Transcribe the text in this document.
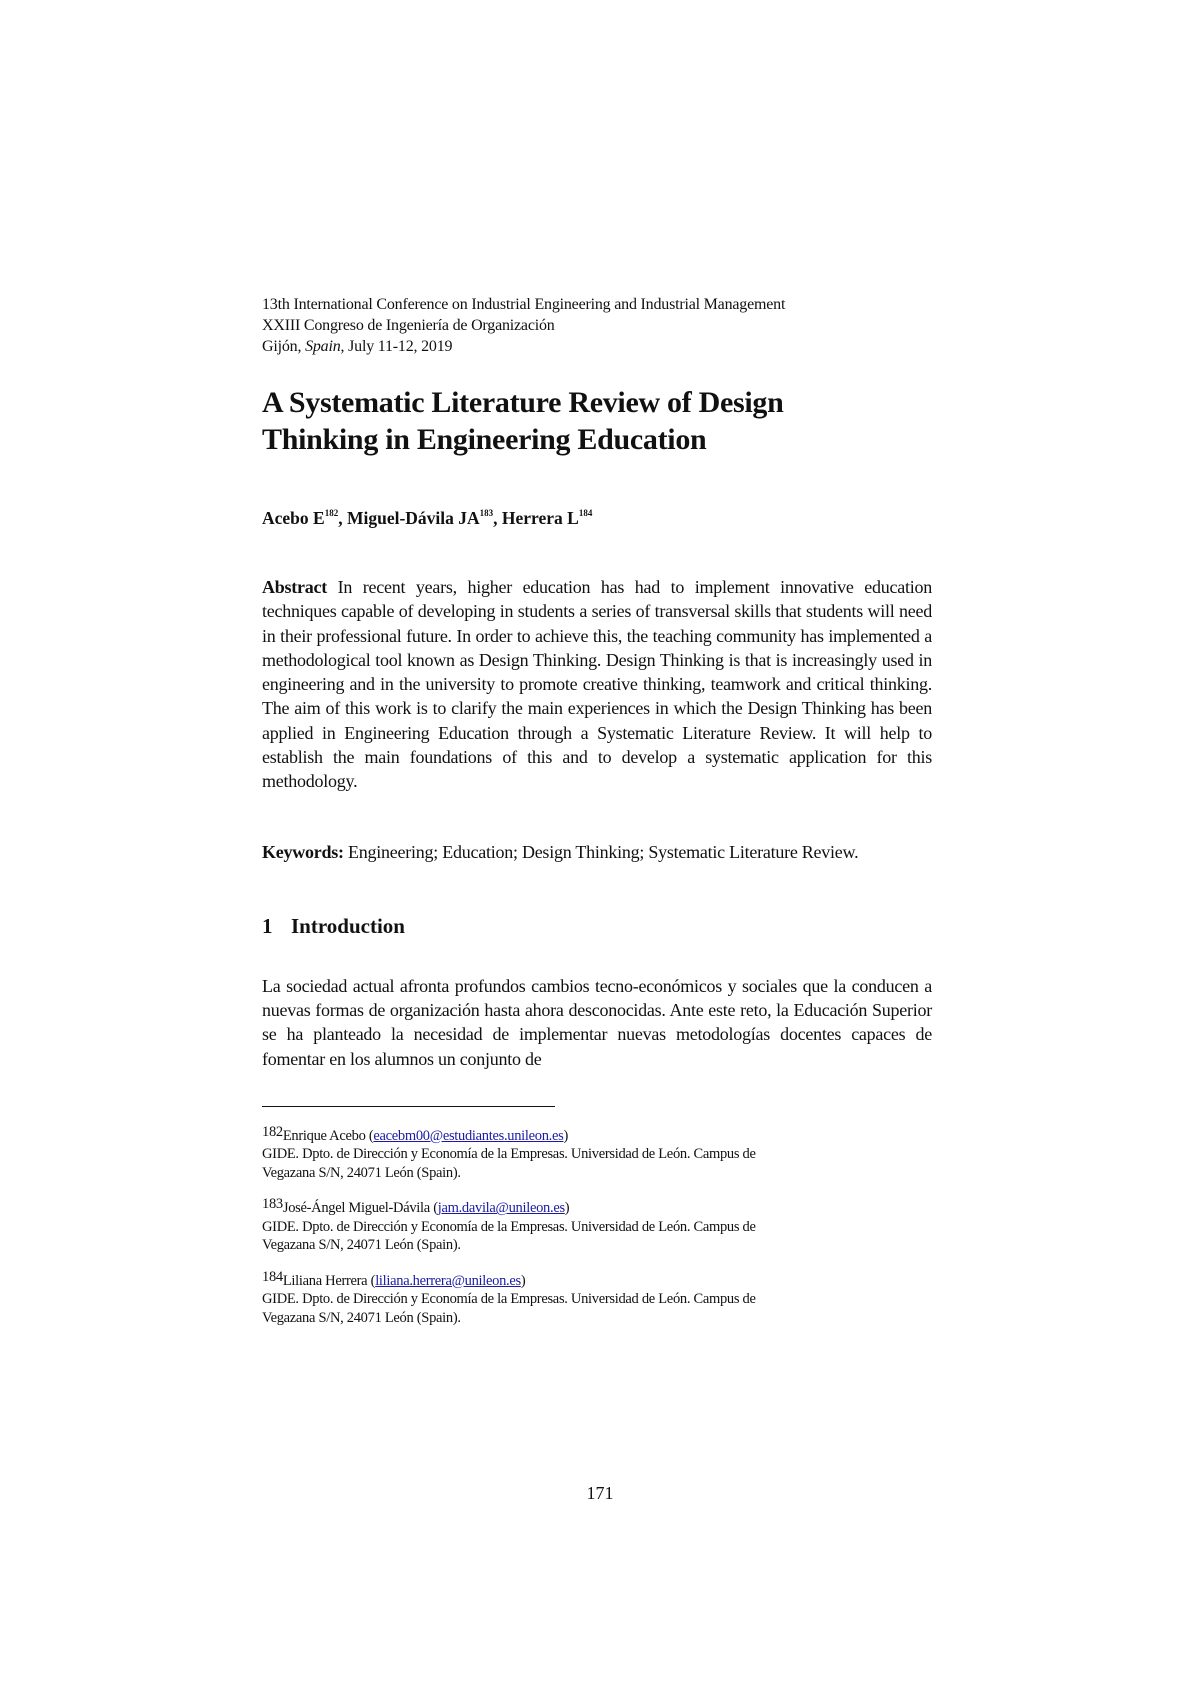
13th International Conference on Industrial Engineering and Industrial Management
XXIII Congreso de Ingeniería de Organización
Gijón, Spain, July 11-12, 2019
A Systematic Literature Review of Design
Thinking in Engineering Education
Acebo $E^{182}$, Miguel-Dávila JA$^{183}$, Herrera $L^{184}$
Abstract In recent years, higher education has had to implement innovative education techniques capable of developing in students a series of transversal skills that students will need in their professional future. In order to achieve this, the teaching community has implemented a methodological tool known as Design Thinking. Design Thinking is that is increasingly used in engineering and in the university to promote creative thinking, teamwork and critical thinking. The aim of this work is to clarify the main experiences in which the Design Thinking has been applied in Engineering Education through a Systematic Literature Review. It will help to establish the main foundations of this and to develop a systematic application for this methodology.
Keywords: Engineering; Education; Design Thinking; Systematic Literature Review.
1 Introduction
La sociedad actual afronta profundos cambios tecno-económicos y sociales que la conducen a nuevas formas de organización hasta ahora desconocidas. Ante este reto, la Educación Superior se ha planteado la necesidad de implementar nuevas metodologías docentes capaces de fomentar en los alumnos un conjunto de
182Enrique Acebo (eacebm00@estudiantes.unileon.es)
GIDE. Dpto. de Dirección y Economía de la Empresas. Universidad de León. Campus de
Vegazana S/N, 24071 León (Spain).
183José-Ángel Miguel-Dávila (jam.davila@unileon.es)
GIDE. Dpto. de Dirección y Economía de la Empresas. Universidad de León. Campus de
Vegazana S/N, 24071 León (Spain).
184Liliana Herrera (liliana.herrera@unileon.es)
GIDE. Dpto. de Dirección y Economía de la Empresas. Universidad de León. Campus de
Vegazana S/N, 24071 León (Spain).
171
